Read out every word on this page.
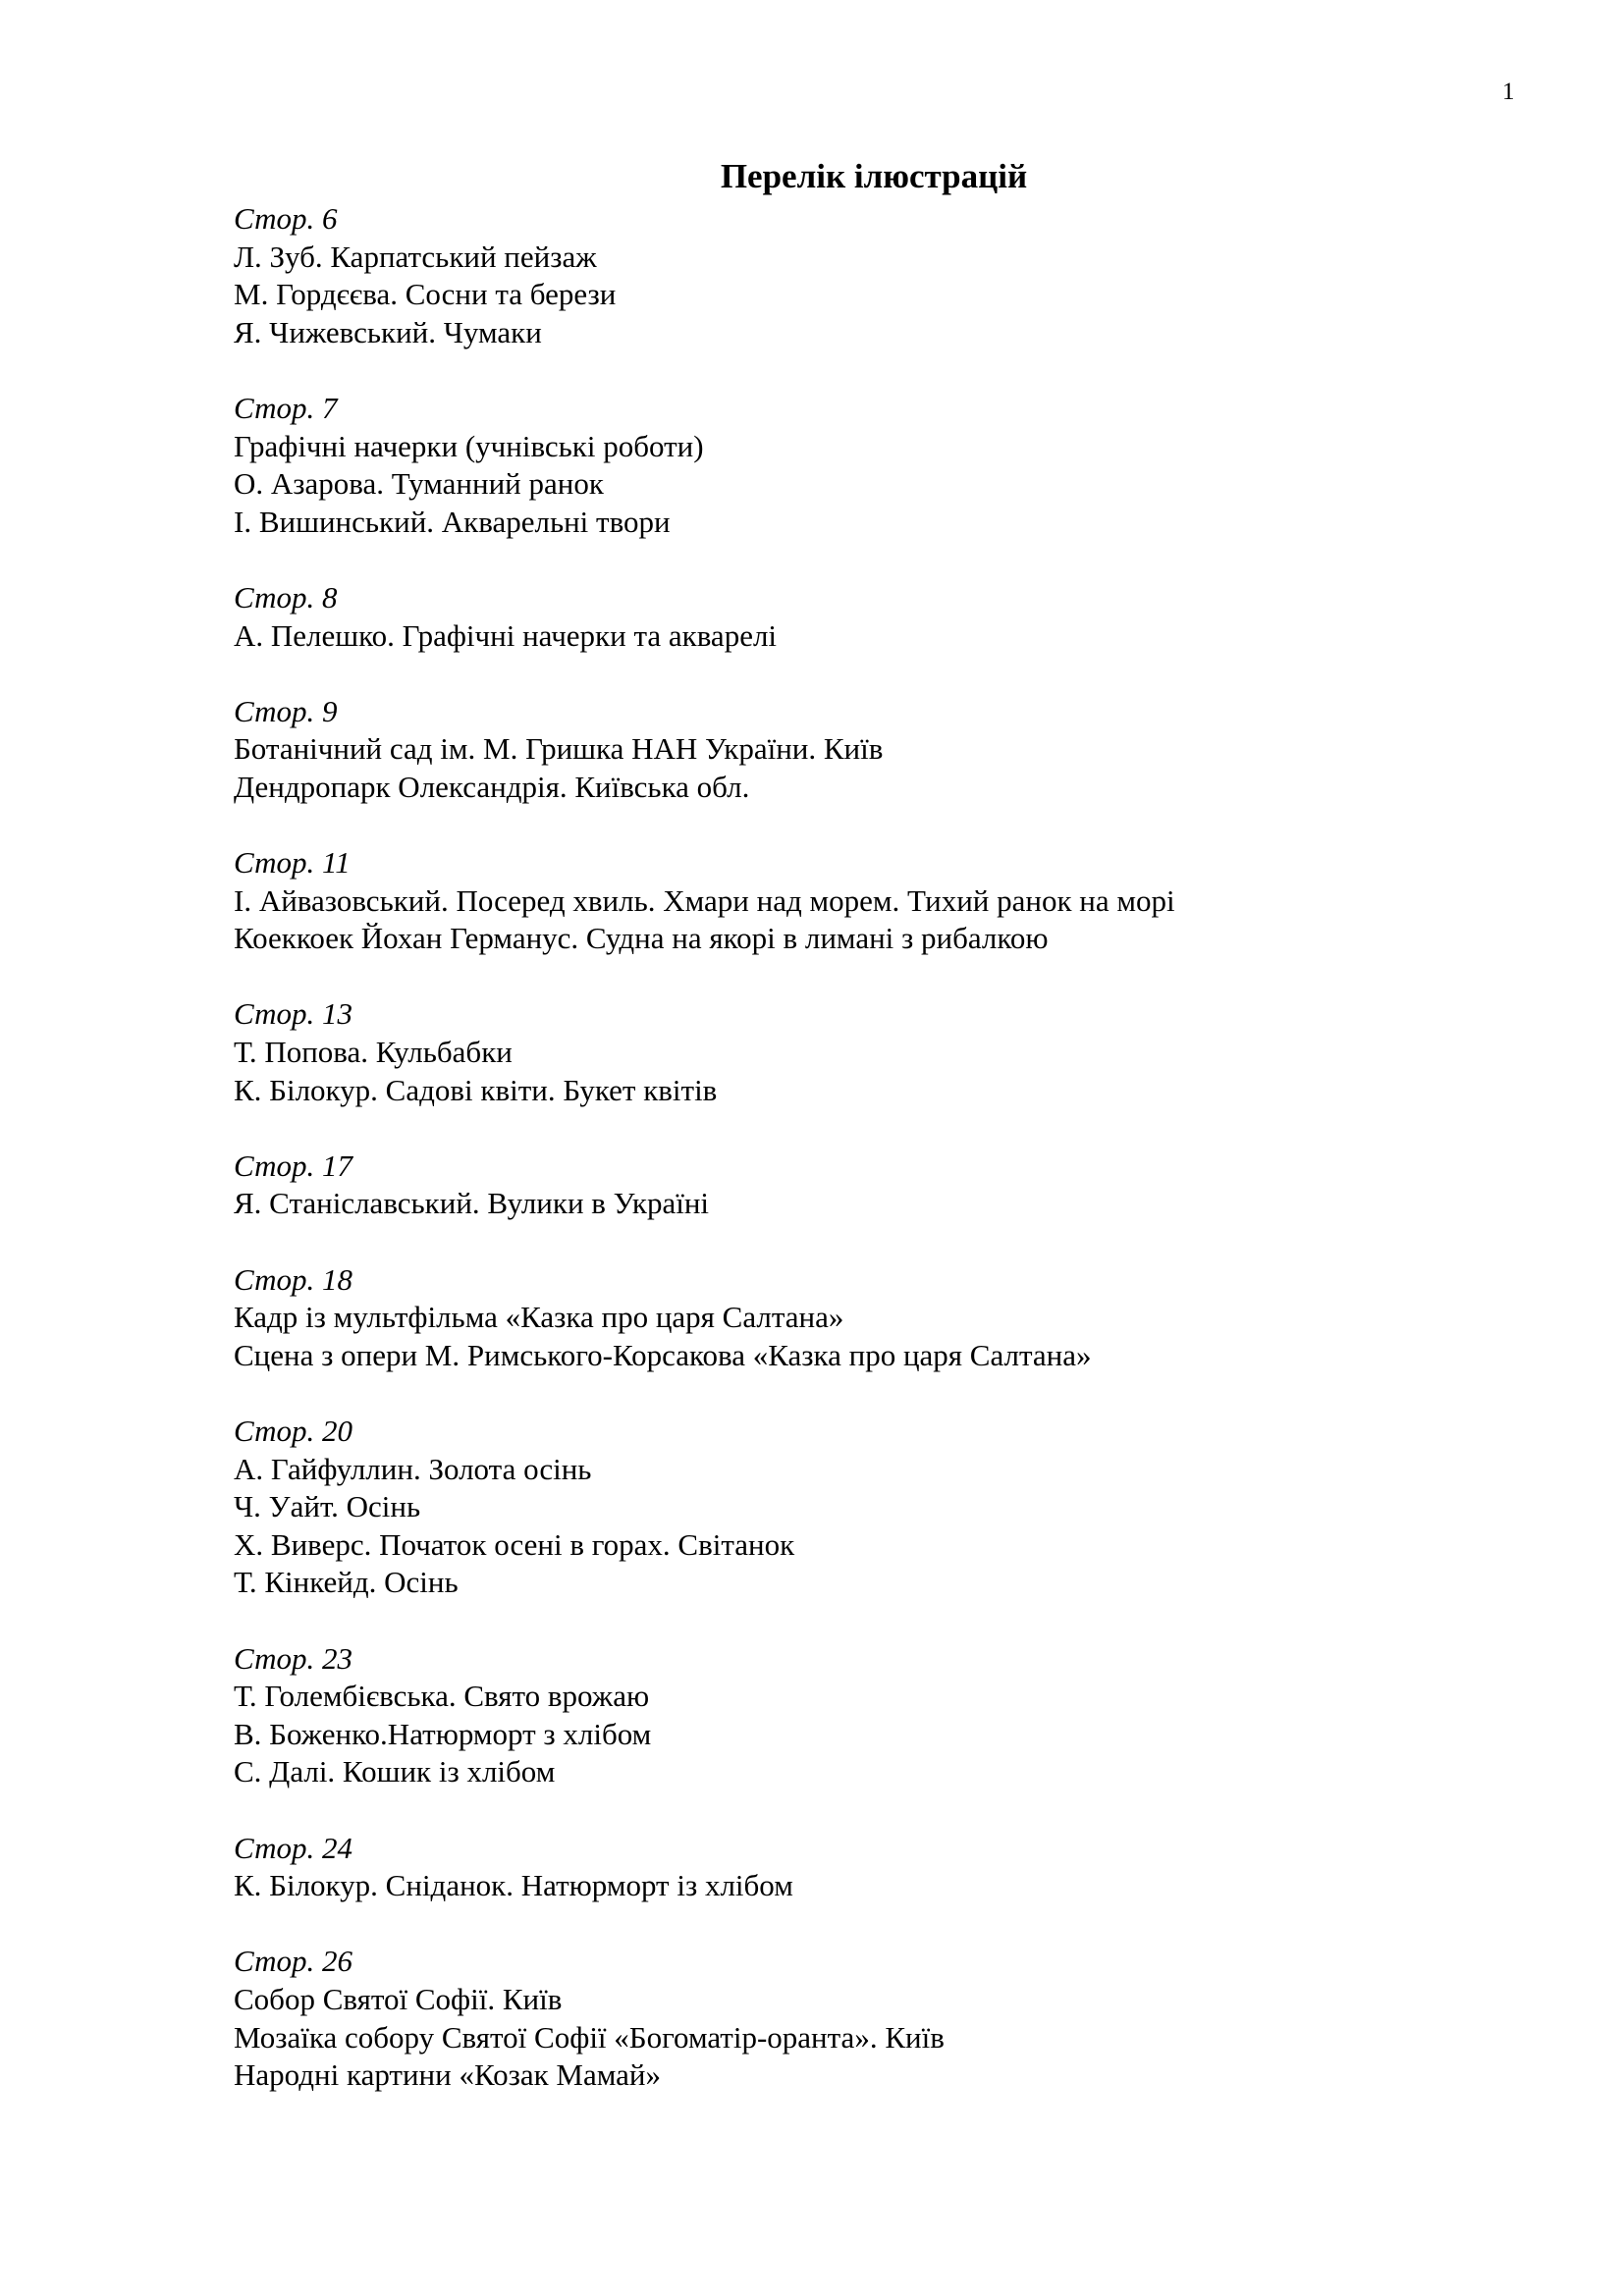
1
Перелік ілюстрацій
Стор. 6
Л. Зуб. Карпатський пейзаж
М. Гордєєва. Сосни та берези
Я. Чижевський. Чумаки
Стор. 7
Графічні начерки (учнівські роботи)
О. Азарова. Туманний ранок
І. Вишинський. Акварельні твори
Стор. 8
А. Пелешко. Графічні начерки та акварелі
Стор. 9
Ботанічний сад ім. М. Гришка НАН України. Київ
Дендропарк Олександрія. Київська обл.
Стор. 11
І. Айвазовський. Посеред хвиль. Хмари над морем. Тихий ранок на морі
Коеккоек Йохан Германус. Судна на якорі в лимані з рибалкою
Стор. 13
Т. Попова. Кульбабки
К. Білокур. Садові квіти. Букет квітів
Стор. 17
Я. Станіславський. Вулики в Україні
Стор. 18
Кадр із мультфільма «Казка про царя Салтана»
Сцена з опери М. Римського-Корсакова «Казка про царя Салтана»
Стор. 20
А. Гайфуллин. Золота осінь
Ч. Уайт. Осінь
Х. Виверс. Початок осені в горах. Світанок
Т. Кінкейд. Осінь
Стор. 23
Т. Голембієвська. Свято врожаю
В. Боженко.Натюрморт з хлібом
С. Далі. Кошик із хлібом
Стор. 24
К. Білокур. Сніданок. Натюрморт із хлібом
Стор. 26
Собор Святої Софії. Київ
Мозаїка собору Святої Софії «Богоматір-оранта». Київ
Народні картини «Козак Мамай»
